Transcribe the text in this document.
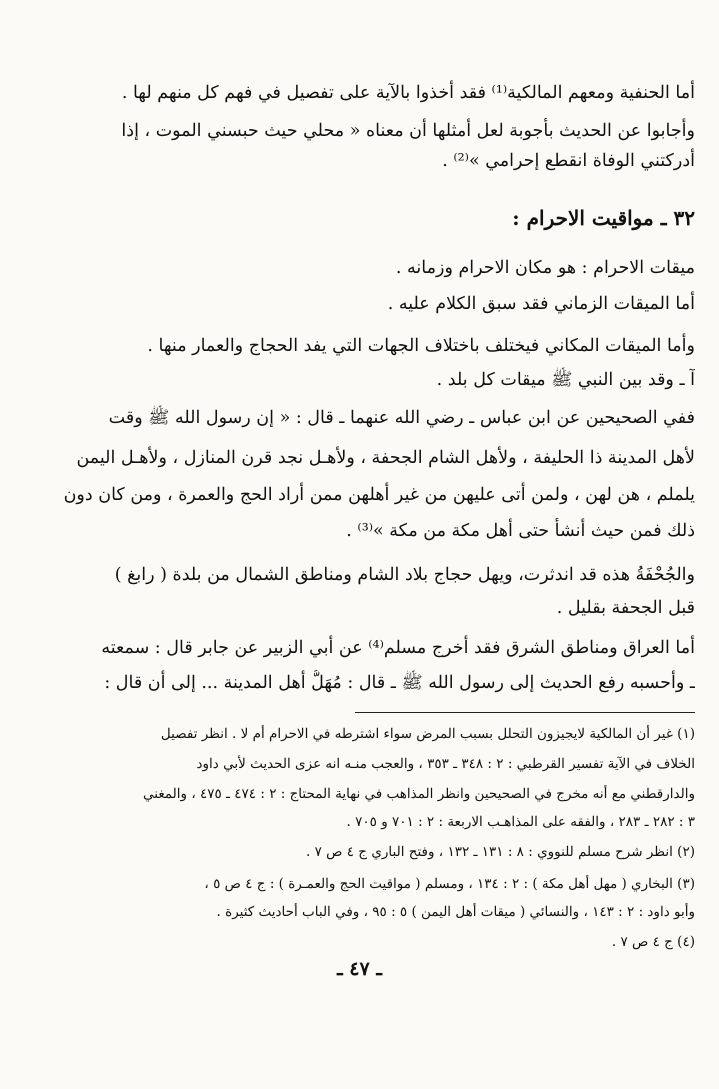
أما الحنفية ومعهم المالكية⁽¹⁾ فقد أخذوا بالآية على تفصيل في فهم كل منهم لها .
وأجابوا عن الحديث بأجوبة لعل أمثلها أن معناه « محلي حيث حبسني الموت ، إذا
أدركتني الوفاة انقطع إحرامي »⁽²⁾ .
٣٢ ـ مواقيت الاحرام :
ميقات الاحرام : هو مكان الاحرام وزمانه .
أما الميقات الزماني فقد سبق الكلام عليه .
وأما الميقات المكاني فيختلف باختلاف الجهات التي يفد الحجاج والعمار منها .
آ ـ وقد بين النبي ﷺ ميقات كل بلد .
ففي الصحيحين عن ابن عباس ـ رضي الله عنهما ـ قال : « إن رسول الله ﷺ وقت
لأهل المدينة ذا الحليفة ، ولأهل الشام الجحفة ، ولأهـل نجد قرن المنازل ، ولأهـل اليمن
يلملم ، هن لهن ، ولمن أتى عليهن من غير أهلهن ممن أراد الحج والعمرة ، ومن كان دون
ذلك فمن حيث أنشأ حتى أهل مكة من مكة »⁽³⁾ .
والجُحْفَةُ هذه قد اندثرت، ويهل حجاج بلاد الشام ومناطق الشمال من بلدة ( رابغ )
قبل الجحفة بقليل .
أما العراق ومناطق الشرق فقد أخرج مسلم⁽⁴⁾ عن أبي الزبير عن جابر قال : سمعته
ـ وأحسبه رفع الحديث إلى رسول الله ﷺ ـ قال : مُهَلُّ أهل المدينة ... إلى أن قال :
(١) غير أن المالكية لايجيزون التحلل بسبب المرض سواء اشترطه في الاحرام أم لا . انظر تفصيل
الخلاف في الآية تفسير القرطبي : ٢ : ٣٤٨ ـ ٣٥٣ ، والعجب منـه انه عزى الحديث لأبي داود
والدارقطني مع أنه مخرج في الصحيحين وانظر المذاهب في نهاية المحتاج : ٢ : ٤٧٤ ـ ٤٧٥ ، والمغني
٣ : ٢٨٢ ـ ٢٨٣ ، والفقه على المذاهـب الاربعة : ٢ : ٧٠١ و ٧٠٥ .
(٢) انظر شرح مسلم للنووي : ٨ : ١٣١ ـ ١٣٢ ، وفتح الباري ج ٤ ص ٧ .
(٣) البخاري ( مهل أهل مكة ) : ٢ : ١٣٤ ، ومسلم ( مواقيت الحج والعمـرة ) : ج ٤ ص ٥ ،
وأبو داود : ٢ : ١٤٣ ، والنسائي ( ميقات أهل اليمن ) ٥ : ٩٥ ، وفي الباب أحاديث كثيرة .
(٤) ج ٤ ص ٧ .
ـ ٤٧ ـ
